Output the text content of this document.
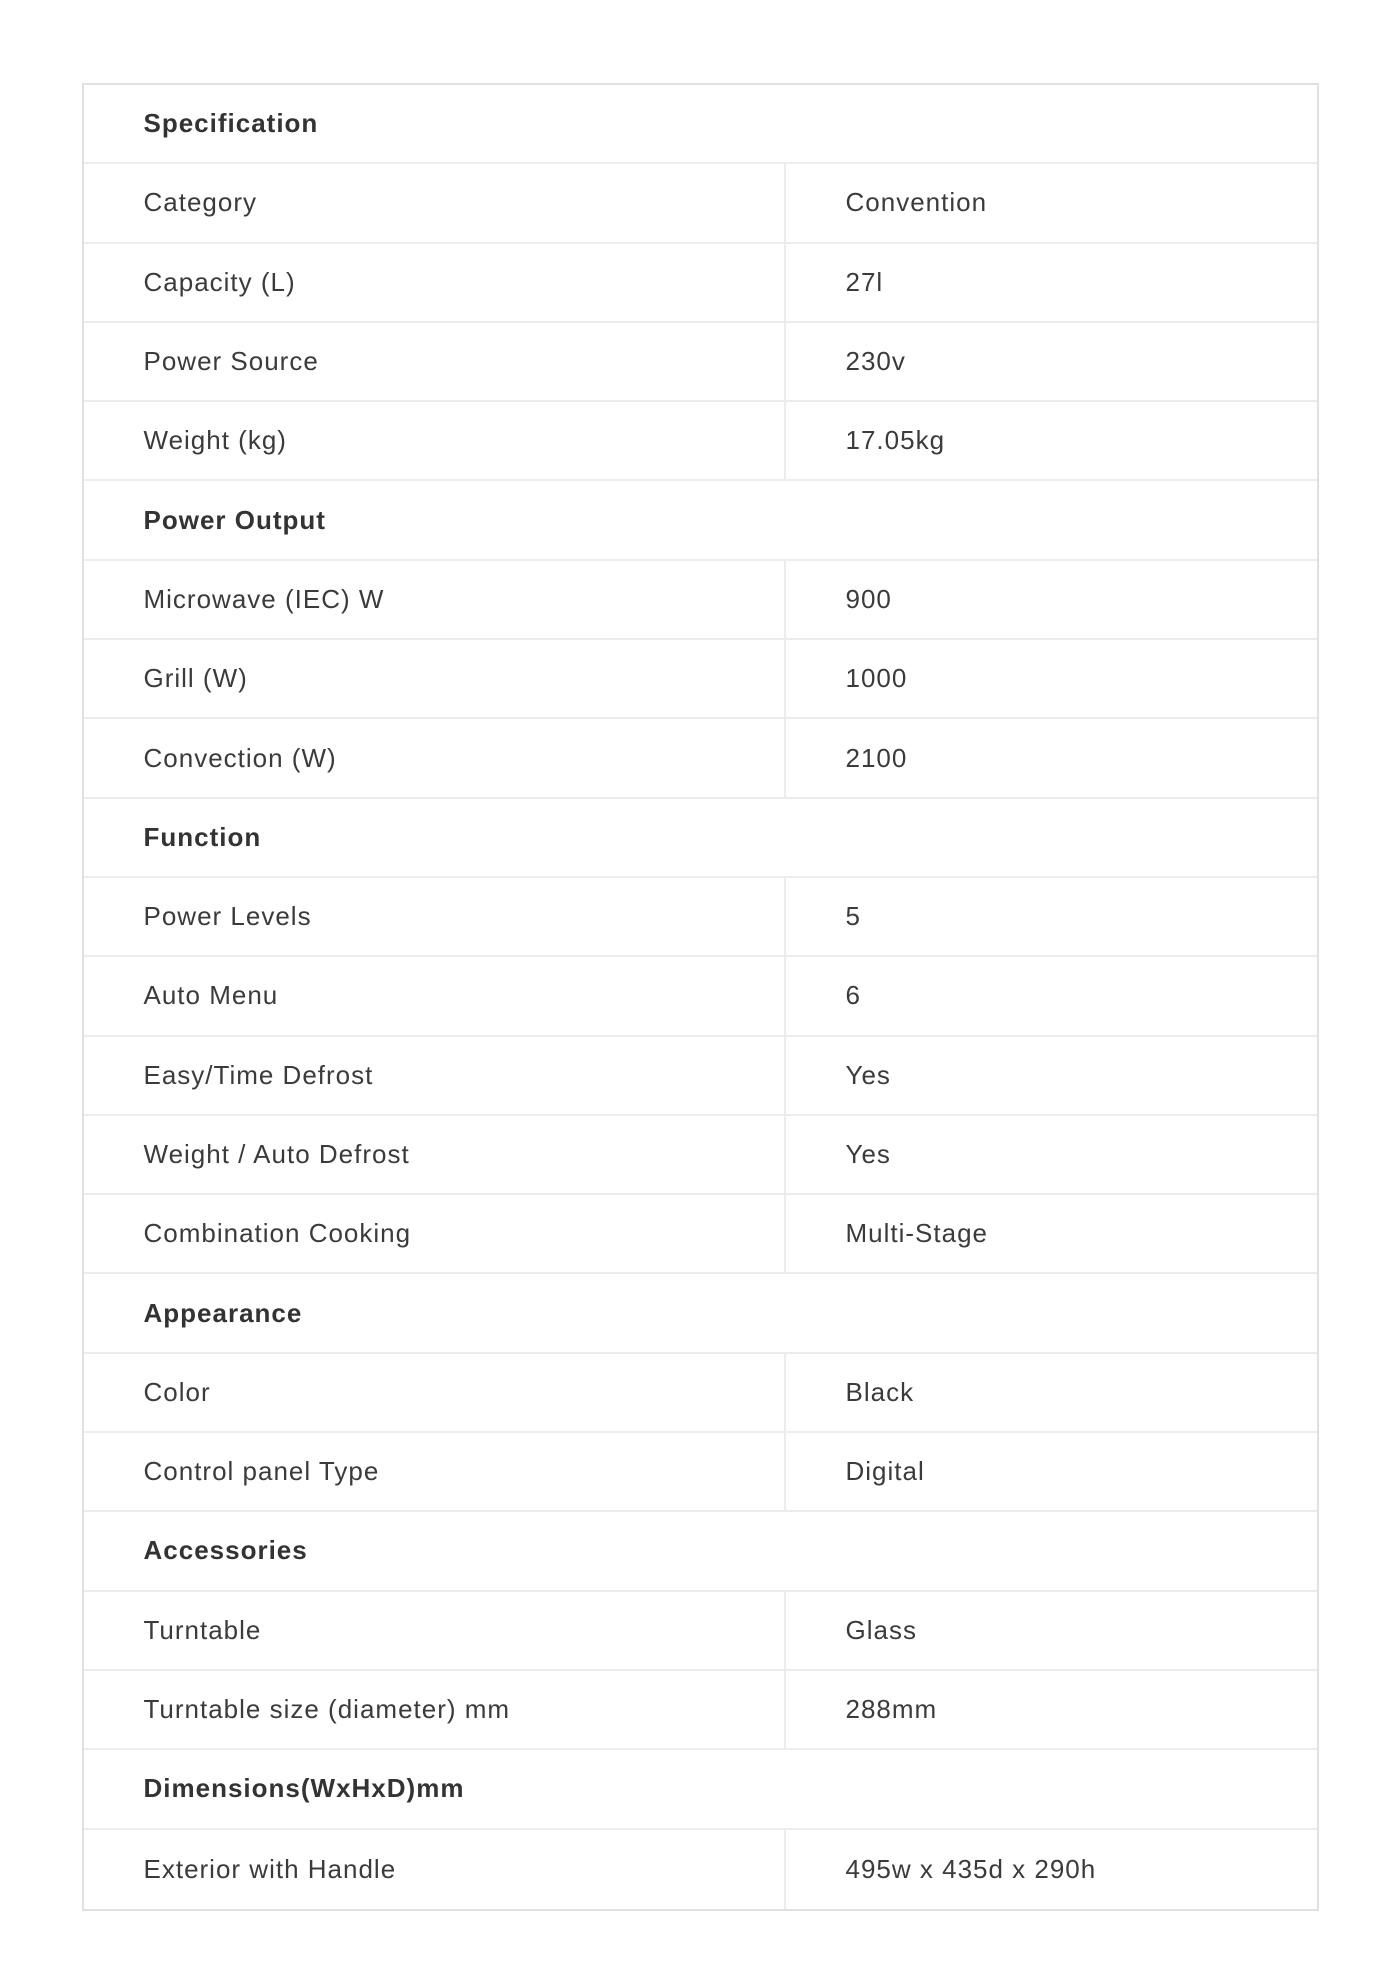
Specification
Category	Convention
Capacity (L)	27l
Power Source	230v
Weight (kg)	17.05kg
Power Output
Microwave (IEC) W	900
Grill (W)	1000
Convection (W)	2100
Function
Power Levels	5
Auto Menu	6
Easy/Time Defrost	Yes
Weight / Auto Defrost	Yes
Combination Cooking	Multi-Stage
Appearance
Color	Black
Control panel Type	Digital
Accessories
Turntable	Glass
Turntable size (diameter) mm	288mm
Dimensions(WxHxD)mm
Exterior with Handle	495w x 435d x 290h
